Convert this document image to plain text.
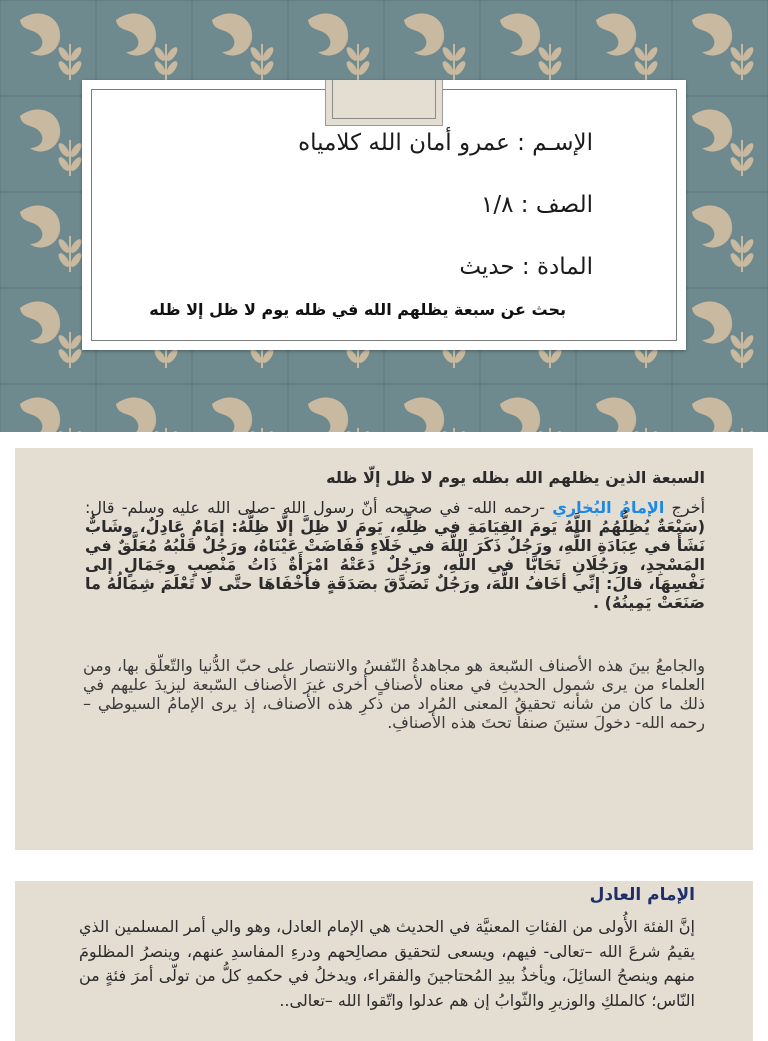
الإسـم : عمرو أمان الله كلامياه
الصف : ١/٨
المادة : حديث
بحث عن سبعة يظلهم الله في ظله يوم لا ظل إلا ظله
السبعة الذين يظلهم الله بظله يوم لا ظل إلّا ظله
أخرج الإمامُ البُخاري -رحمه الله- في صحيحه أنّ رسول الله -صلى الله عليه وسلم- قال: (سَبْعَةٌ يُظِلُّهُمُ اللَّهُ يَومَ القِيَامَةِ في ظِلِّهِ، يَومَ لا ظِلَّ إلَّا ظِلُّهُ: إمَامٌ عَادِلٌ، وشَابٌّ نَشَأَ في عِبَادَةِ اللَّهِ، ورَجُلٌ ذَكَرَ اللَّهَ في خَلَاءٍ فَفَاضَتْ عَيْنَاهُ، ورَجُلٌ قَلْبُهُ مُعَلَّقٌ في المَسْجِدِ، ورَجُلَانِ تَحَابَّا في اللَّهِ، ورَجُلٌ دَعَتْهُ امْرَأَةٌ ذَاتُ مَنْصِبٍ وجَمَالٍ إلى نَفْسِهَا، قالَ: إنِّي أخَافُ اللَّهَ، ورَجُلٌ تَصَدَّقَ بصَدَقَةٍ فأخْفَاهَا حتَّى لا تَعْلَمَ شِمَالُهُ ما صَنَعَتْ يَمِينُهُ) .
والجامعُ بينَ هذه الأصناف السّبعة هو مجاهدةُ النّفسُ والانتصار على حبّ الدُّنيا والتّعلّق بها، ومن العلماء من يرى شمول الحديثِ في معناه لأصنافٍ أخرى غيرَ الأصناف السّبعة ليزيدَ عليهم في ذلك ما كان من شأنه تحقيقُ المعنى المُراد من ذكرِ هذه الأصناف، إذ يرى الإمامُ السيوطي –رحمه الله- دخولَ ستينَ صنفاً تحتَ هذه الأصنافِ.
الإمام العادل
إنَّ الفئة الأُولى من الفئاتِ المعنيَّة في الحديث هي الإمام العادل، وهو والي أمر المسلمين الذي يقيمُ شرعَ الله –تعالى- فيهم، ويسعى لتحقيق مصالِحهم ودرءِ المفاسدِ عنهم، وينصرُ المظلومَ منهم وينصحُ السائِلَ، ويأخذُ بيدِ المُحتاجينَ والفقراء، ويدخلُ في حكمهِ كلُّ من تولّى أمرَ فئةٍ من النّاس؛ كالملكِ والوزيرِ والثّوابُ إن هم عدلوا واتّقوا الله –تعالى..
